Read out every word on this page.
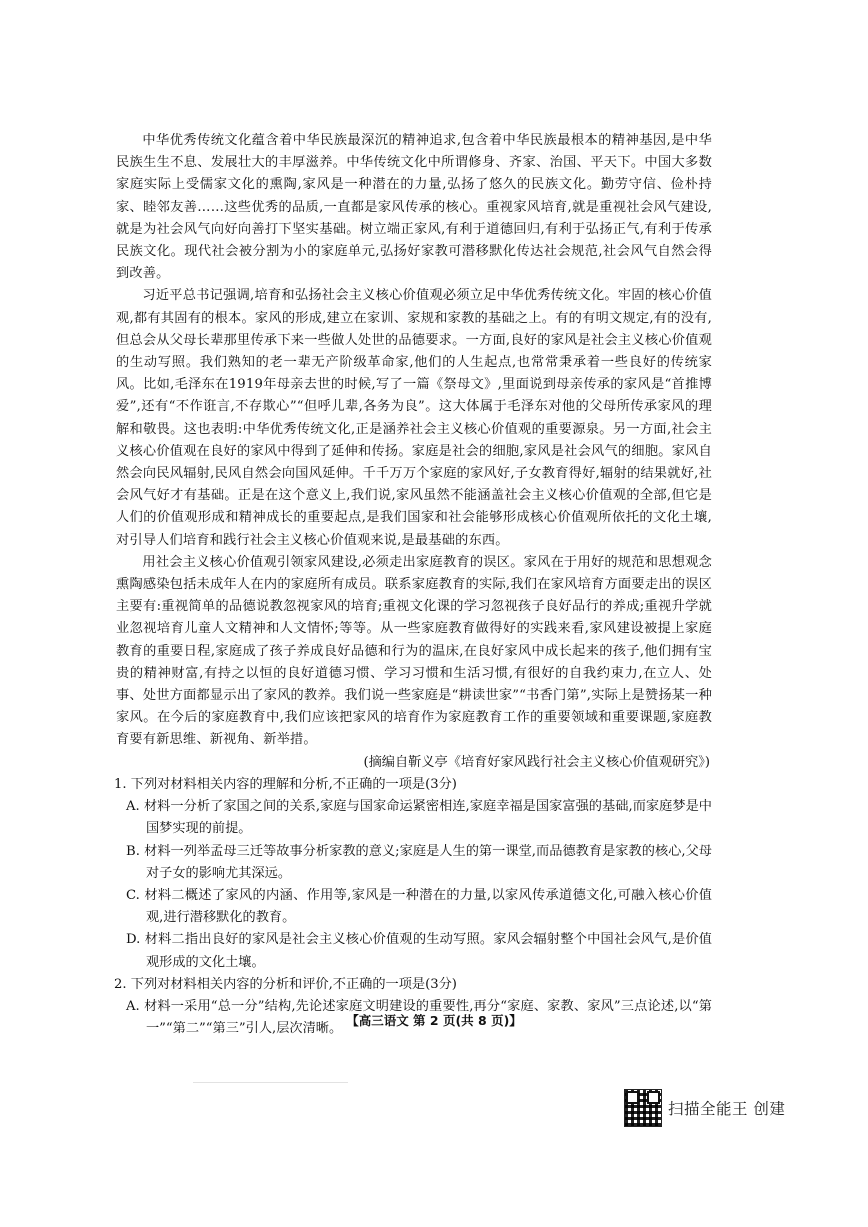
中华优秀传统文化蕴含着中华民族最深沉的精神追求,包含着中华民族最根本的精神基因,是中华民族生生不息、发展壮大的丰厚滋养。中华传统文化中所谓修身、齐家、治国、平天下。中国大多数家庭实际上受儒家文化的熏陶,家风是一种潜在的力量,弘扬了悠久的民族文化。勤劳守信、俭朴持家、睦邻友善……这些优秀的品质,一直都是家风传承的核心。重视家风培育,就是重视社会风气建设,就是为社会风气向好向善打下坚实基础。树立端正家风,有利于道德回归,有利于弘扬正气,有利于传承民族文化。现代社会被分割为小的家庭单元,弘扬好家教可潜移默化传达社会规范,社会风气自然会得到改善。

习近平总书记强调,培育和弘扬社会主义核心价值观必须立足中华优秀传统文化。牢固的核心价值观,都有其固有的根本。家风的形成,建立在家训、家规和家教的基础之上。有的有明文规定,有的没有,但总会从父母长辈那里传承下来一些做人处世的品德要求。一方面,良好的家风是社会主义核心价值观的生动写照。我们熟知的老一辈无产阶级革命家,他们的人生起点,也常常秉承着一些良好的传统家风。比如,毛泽东在1919年母亲去世的时候,写了一篇《祭母文》,里面说到母亲传承的家风是“首推博爱”,还有“不作诳言,不存欺心”“但呼儿辈,各务为良”。这大体属于毛泽东对他的父母所传承家风的理解和敬畏。这也表明:中华优秀传统文化,正是涵养社会主义核心价值观的重要源泉。另一方面,社会主义核心价值观在良好的家风中得到了延伸和传扬。家庭是社会的细胞,家风是社会风气的细胞。家风自然会向民风辐射,民风自然会向国风延伸。千千万万个家庭的家风好,子女教育得好,辐射的结果就好,社会风气好才有基础。正是在这个意义上,我们说,家风虽然不能涵盖社会主义核心价值观的全部,但它是人们的价值观形成和精神成长的重要起点,是我们国家和社会能够形成核心价值观所依托的文化土壤,对引导人们培育和践行社会主义核心价值观来说,是最基础的东西。

用社会主义核心价值观引领家风建设,必须走出家庭教育的误区。家风在于用好的规范和思想观念熏陶感染包括未成年人在内的家庭所有成员。联系家庭教育的实际,我们在家风培育方面要走出的误区主要有:重视简单的品德说教忽视家风的培育;重视文化课的学习忽视孩子良好品行的养成;重视升学就业忽视培育儿童人文精神和人文情怀;等等。从一些家庭教育做得好的实践来看,家风建设被提上家庭教育的重要日程,家庭成了孩子养成良好品德和行为的温床,在良好家风中成长起来的孩子,他们拥有宝贵的精神财富,有持之以恒的良好道德习惯、学习习惯和生活习惯,有很好的自我约束力,在立人、处事、处世方面都显示出了家风的教养。我们说一些家庭是“耕读世家”“书香门第”,实际上是赞扬某一种家风。在今后的家庭教育中,我们应该把家风的培育作为家庭教育工作的重要领域和重要课题,家庭教育要有新思维、新视角、新举措。

(摘编自靳义亭《培育好家风践行社会主义核心价值观研究》)

1. 下列对材料相关内容的理解和分析,不正确的一项是(3分)

A. 材料一分析了家国之间的关系,家庭与国家命运紧密相连,家庭幸福是国家富强的基础,而家庭梦是中国梦实现的前提。

B. 材料一列举孟母三迁等故事分析家教的意义;家庭是人生的第一课堂,而品德教育是家教的核心,父母对子女的影响尤其深远。

C. 材料二概述了家风的内涵、作用等,家风是一种潜在的力量,以家风传承道德文化,可融入核心价值观,进行潜移默化的教育。

D. 材料二指出良好的家风是社会主义核心价值观的生动写照。家风会辐射整个中国社会风气,是价值观形成的文化土壤。

2. 下列对材料相关内容的分析和评价,不正确的一项是(3分)

A. 材料一采用“总一分”结构,先论述家庭文明建设的重要性,再分“家庭、家教、家风”三点论述,以“第一”“第二”“第三”引人,层次清晰。

【高三语文 第 2 页(共 8 页)】
扫描全能王 创建
